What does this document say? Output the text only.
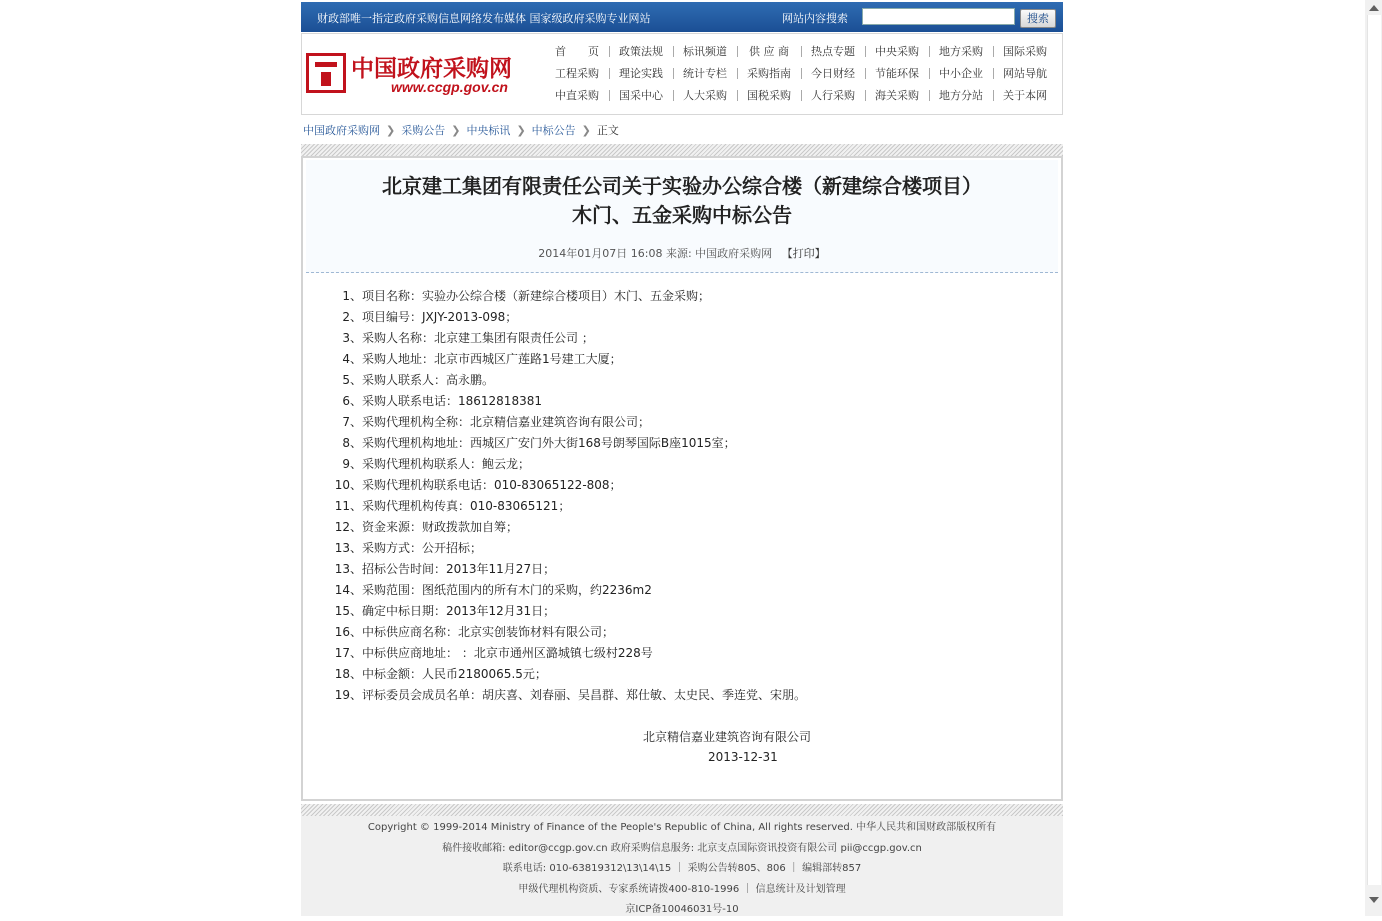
财政部唯一指定政府采购信息网络发布媒体 国家级政府采购专业网站	网站内容搜索	搜索
中国政府采购网
www.ccgp.gov.cn
首　　页 政策法规 标讯频道 供 应 商 热点专题 中央采购 地方采购 国际采购
工程采购 理论实践 统计专栏 采购指南 今日财经 节能环保 中小企业 网站导航
中直采购 国采中心 人大采购 国税采购 人行采购 海关采购 地方分站 关于本网
中国政府采购网 ❯ 采购公告 ❯ 中央标讯 ❯ 中标公告 ❯ 正文
北京建工集团有限责任公司关于实验办公综合楼（新建综合楼项目）
木门、五金采购中标公告
2014年01月07日 16:08 来源: 中国政府采购网 【打印】
1、项目名称：实验办公综合楼（新建综合楼项目）木门、五金采购；
2、项目编号：JXJY-2013-098；
3、采购人名称：北京建工集团有限责任公司 ；
4、采购人地址：北京市西城区广莲路1号建工大厦；
5、采购人联系人：高永鹏。
6、采购人联系电话：18612818381
7、采购代理机构全称：北京精信嘉业建筑咨询有限公司；
8、采购代理机构地址：西城区广安门外大街168号朗琴国际B座1015室；
9、采购代理机构联系人：鲍云龙；
10、采购代理机构联系电话：010-83065122-808；
11、采购代理机构传真：010-83065121；
12、资金来源：财政拨款加自筹；
13、采购方式：公开招标；
13、招标公告时间：2013年11月27日；
14、采购范围：图纸范围内的所有木门的采购，约2236m2
15、确定中标日期：2013年12月31日；
16、中标供应商名称：北京实创装饰材料有限公司；
17、中标供应商地址： ：北京市通州区潞城镇七级村228号
18、中标金额：人民币2180065.5元；
19、评标委员会成员名单：胡庆喜、刘春丽、吴昌群、郑仕敏、太史民、季连党、宋朋。
北京精信嘉业建筑咨询有限公司
2013-12-31
Copyright © 1999-2014 Ministry of Finance of the People's Republic of China, All rights reserved. 中华人民共和国财政部版权所有
稿件接收邮箱: editor@ccgp.gov.cn 政府采购信息服务: 北京支点国际资讯投资有限公司 pii@ccgp.gov.cn
联系电话: 010-63819312\13\14\15 ｜ 采购公告转805、806 ｜ 编辑部转857
甲级代理机构资质、专家系统请拨400-810-1996 ｜ 信息统计及计划管理
京ICP备10046031号-10
